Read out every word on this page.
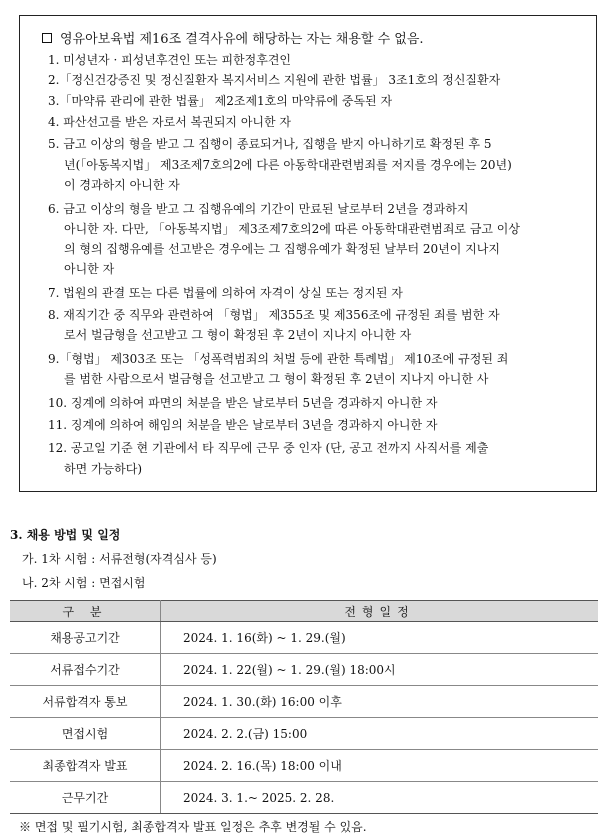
영유아보육법 제16조 결격사유에 해당하는 자는 채용할 수 없음.
1. 미성년자 · 피성년후견인 또는 피한정후견인
2.「정신건강증진 및 정신질환자 복지서비스 지원에 관한 법률」 3조1호의 정신질환자
3.「마약류 관리에 관한 법률」 제2조제1호의 마약류에 중독된 자
4. 파산선고를 받은 자로서 복권되지 아니한 자
5. 금고 이상의 형을 받고 그 집행이 종료되거나, 집행을 받지 아니하기로 확정된 후 5
년(「아동복지법」 제3조제7호의2에 다른 아동학대관련범죄를 저지를 경우에는 20년)
이 경과하지 아니한 자
6. 금고 이상의 형을 받고 그 집행유예의 기간이 만료된 날로부터 2년을 경과하지
아니한 자. 다만, 「아동복지법」 제3조제7호의2에 따른 아동학대관련범죄로 금고 이상
의 형의 집행유예를 선고받은 경우에는 그 집행유예가 확정된 날부터 20년이 지나지
아니한 자
7. 법원의 관결 또는 다른 법률에 의하여 자격이 상실 또는 정지된 자
8. 재직기간 중 직무와 관련하여 「형법」 제355조 및 제356조에 규정된 죄를 범한 자
로서 벌금형을 선고받고 그 형이 확정된 후 2년이 지나지 아니한 자
9.「형법」 제303조 또는 「성폭력범죄의 처벌 등에 관한 특례법」 제10조에 규정된 죄
를 범한 사람으로서 벌금형을 선고받고 그 형이 확정된 후 2년이 지나지 아니한 사
10. 징계에 의하여 파면의 처분을 받은 날로부터 5년을 경과하지 아니한 자
11. 징계에 의하여 해임의 처분을 받은 날로부터 3년을 경과하지 아니한 자
12. 공고일 기준 현 기관에서 타 직무에 근무 중 인자 (단, 공고 전까지 사직서를 제출
하면 가능하다)
3. 채용 방법 및 일정
가. 1차 시험 : 서류전형(자격심사 등)
나. 2차 시험 : 면접시험
구 분	전형일정
채용공고기간	2024. 1. 16(화) ~ 1. 29.(월)
서류접수기간	2024. 1. 22(월) ~ 1. 29.(월) 18:00시
서류합격자 통보	2024. 1. 30.(화) 16:00 이후
면접시험	2024. 2. 2.(금) 15:00
최종합격자 발표	2024. 2. 16.(목) 18:00 이내
근무기간	2024. 3. 1.~ 2025. 2. 28.
※ 면접 및 필기시험, 최종합격자 발표 일정은 추후 변경될 수 있음.
